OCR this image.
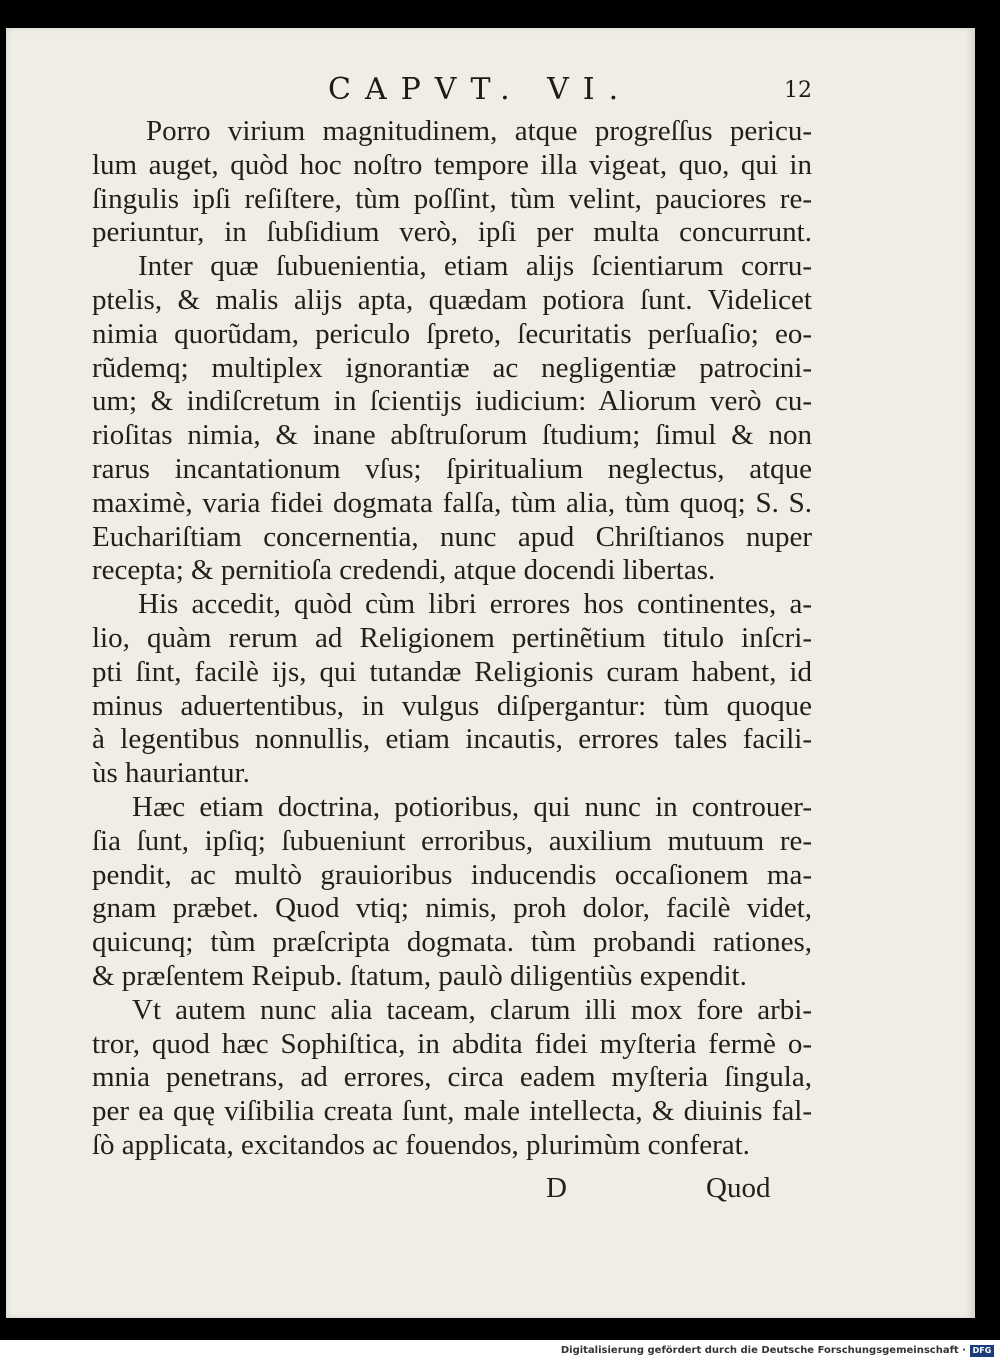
CAPVT. VI.	12
Porro virium magnitudinem, atque progreſſus pericu-
lum auget, quòd hoc noſtro tempore illa vigeat, quo, qui in
ſingulis ipſi reſiſtere, tùm poſſint, tùm velint, pauciores re-
periuntur, in ſubſidium verò, ipſi per multa concurrunt.
Inter quæ ſubuenientia, etiam alijs ſcientiarum corru-
ptelis, & malis alijs apta, quædam potiora ſunt. Videlicet
nimia quorũdam, periculo ſpreto, ſecuritatis perſuaſio; eo-
rũdemq; multiplex ignorantiæ ac negligentiæ patrocini-
um; & indiſcretum in ſcientijs iudicium: Aliorum verò cu-
rioſitas nimia, & inane abſtruſorum ſtudium; ſimul & non
rarus incantationum vſus; ſpiritualium neglectus, atque
maximè, varia fidei dogmata falſa, tùm alia, tùm quoq; S. S.
Euchariſtiam concernentia, nunc apud Chriſtianos nuper
recepta; & pernitioſa credendi, atque docendi libertas.
His accedit, quòd cùm libri errores hos continentes, a-
lio, quàm rerum ad Religionem pertinẽtium titulo inſcri-
pti ſint, facilè ijs, qui tutandæ Religionis curam habent, id
minus aduertentibus, in vulgus diſpergantur: tùm quoque
à legentibus nonnullis, etiam incautis, errores tales facili-
ùs hauriantur.
Hæc etiam doctrina, potioribus, qui nunc in controuer-
ſia ſunt, ipſiq; ſubueniunt erroribus, auxilium mutuum re-
pendit, ac multò grauioribus inducendis occaſionem ma-
gnam præbet. Quod vtiq; nimis, proh dolor, facilè videt,
quicunq; tùm præſcripta dogmata. tùm probandi rationes,
& præſentem Reipub. ſtatum, paulò diligentiùs expendit.
Vt autem nunc alia taceam, clarum illi mox fore arbi-
tror, quod hæc Sophiſtica, in abdita fidei myſteria fermè o-
mnia penetrans, ad errores, circa eadem myſteria ſingula,
per ea quę viſibilia creata ſunt, male intellecta, & diuinis fal-
ſò applicata, excitandos ac fouendos, plurimùm conferat.
D	Quod
Digitalisierung gefördert durch die Deutsche Forschungsgemeinschaft · DFG
